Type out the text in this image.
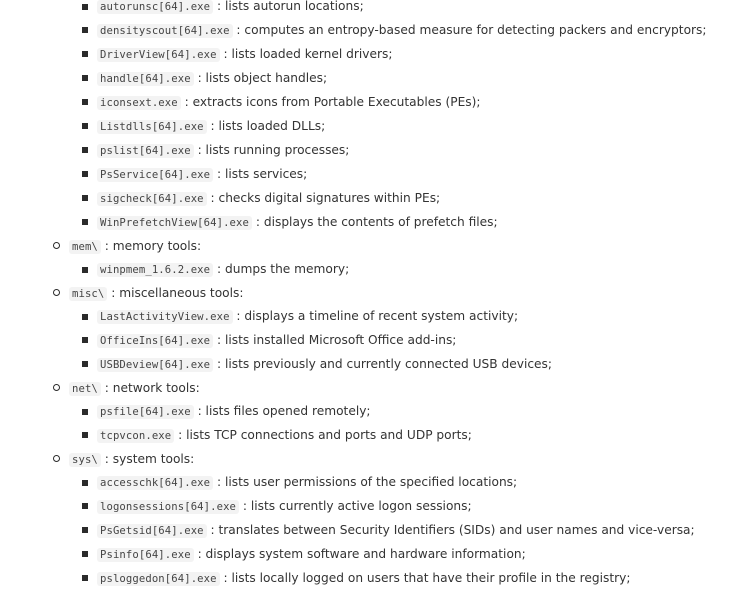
autorunsc[64].exe : lists autorun locations;
densityscout[64].exe : computes an entropy-based measure for detecting packers and encryptors;
DriverView[64].exe : lists loaded kernel drivers;
handle[64].exe : lists object handles;
iconsext.exe : extracts icons from Portable Executables (PEs);
Listdlls[64].exe : lists loaded DLLs;
pslist[64].exe : lists running processes;
PsService[64].exe : lists services;
sigcheck[64].exe : checks digital signatures within PEs;
WinPrefetchView[64].exe : displays the contents of prefetch files;
mem\ : memory tools:
winpmem_1.6.2.exe : dumps the memory;
misc\ : miscellaneous tools:
LastActivityView.exe : displays a timeline of recent system activity;
OfficeIns[64].exe : lists installed Microsoft Office add-ins;
USBDeview[64].exe : lists previously and currently connected USB devices;
net\ : network tools:
psfile[64].exe : lists files opened remotely;
tcpvcon.exe : lists TCP connections and ports and UDP ports;
sys\ : system tools:
accesschk[64].exe : lists user permissions of the specified locations;
logonsessions[64].exe : lists currently active logon sessions;
PsGetsid[64].exe : translates between Security Identifiers (SIDs) and user names and vice-versa;
Psinfo[64].exe : displays system software and hardware information;
psloggedon[64].exe : lists locally logged on users that have their profile in the registry;
